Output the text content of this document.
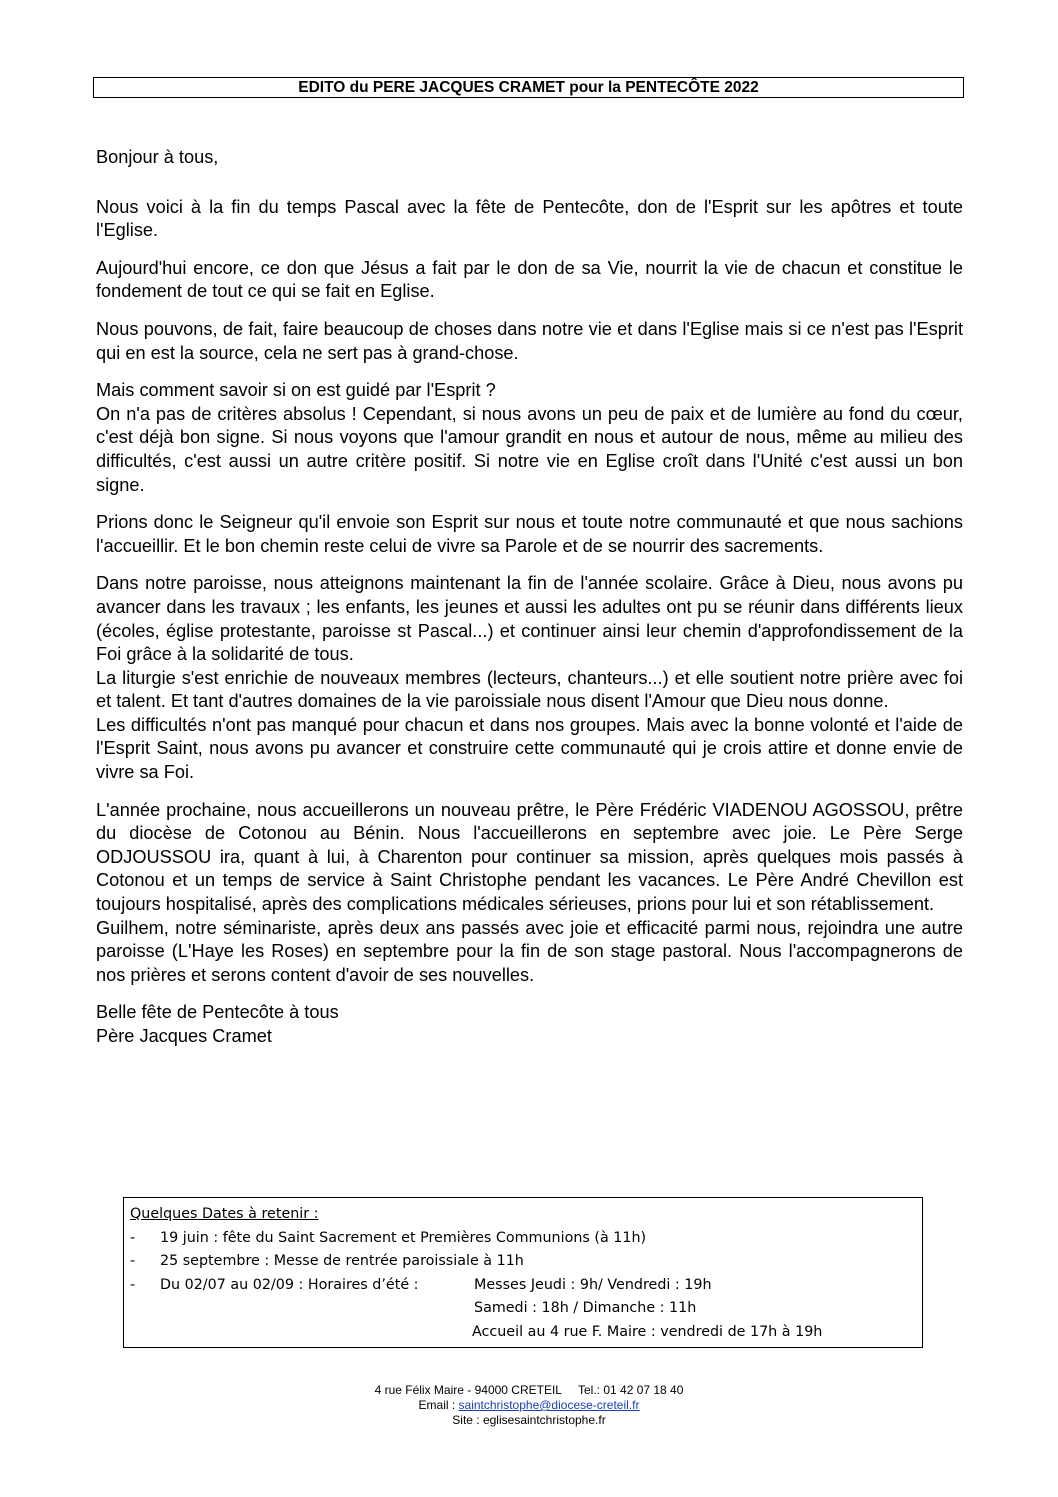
EDITO du PERE JACQUES CRAMET pour la PENTECÔTE 2022

Bonjour à tous,

Nous voici à la fin du temps Pascal avec la fête de Pentecôte, don de l'Esprit sur les apôtres et toute l'Eglise.

Aujourd'hui encore, ce don que Jésus a fait par le don de sa Vie, nourrit la vie de chacun et constitue le fondement de tout ce qui se fait en Eglise.

Nous pouvons, de fait, faire beaucoup de choses dans notre vie et dans l'Eglise mais si ce n'est pas l'Esprit qui en est la source, cela ne sert pas à grand-chose.

Mais comment savoir si on est guidé par l'Esprit ?

On n'a pas de critères absolus ! Cependant, si nous avons un peu de paix et de lumière au fond du cœur, c'est déjà bon signe. Si nous voyons que l'amour grandit en nous et autour de nous, même au milieu des difficultés, c'est aussi un autre critère positif. Si notre vie en Eglise croît dans l'Unité c'est aussi un bon signe.

Prions donc le Seigneur qu'il envoie son Esprit sur nous et toute notre communauté et que nous sachions l'accueillir. Et le bon chemin reste celui de vivre sa Parole et de se nourrir des sacrements.

Dans notre paroisse, nous atteignons maintenant la fin de l'année scolaire. Grâce à Dieu, nous avons pu avancer dans les travaux ; les enfants, les jeunes et aussi les adultes ont pu se réunir dans différents lieux (écoles, église protestante, paroisse st Pascal...) et continuer ainsi leur chemin d'approfondissement de la Foi grâce à la solidarité de tous.

La liturgie s'est enrichie de nouveaux membres (lecteurs, chanteurs...) et elle soutient notre prière avec foi et talent. Et tant d'autres domaines de la vie paroissiale nous disent l'Amour que Dieu nous donne.

Les difficultés n'ont pas manqué pour chacun et dans nos groupes. Mais avec la bonne volonté et l'aide de l'Esprit Saint, nous avons pu avancer et construire cette communauté qui je crois attire et donne envie de vivre sa Foi.

L'année prochaine, nous accueillerons un nouveau prêtre, le Père Frédéric VIADENOU AGOSSOU, prêtre du diocèse de Cotonou au Bénin. Nous l'accueillerons en septembre avec joie. Le Père Serge ODJOUSSOU ira, quant à lui, à Charenton pour continuer sa mission, après quelques mois passés à Cotonou et un temps de service à Saint Christophe pendant les vacances. Le Père André Chevillon est toujours hospitalisé, après des complications médicales sérieuses, prions pour lui et son rétablissement.

Guilhem, notre séminariste, après deux ans passés avec joie et efficacité parmi nous, rejoindra une autre paroisse (L'Haye les Roses) en septembre pour la fin de son stage pastoral. Nous l'accompagnerons de nos prières et serons content d'avoir de ses nouvelles.

Belle fête de Pentecôte à tous

Père Jacques Cramet

Quelques Dates à retenir :
-	19 juin : fête du Saint Sacrement et Premières Communions (à 11h)
-	25 septembre : Messe de rentrée paroissiale à 11h
-	Du 02/07 au 02/09 : Horaires d’été :	Messes Jeudi : 9h/ Vendredi : 19h
Samedi : 18h / Dimanche : 11h
Accueil au 4 rue F. Maire : vendredi de 17h à 19h
4 rue Félix Maire - 94000 CRETEIL     Tel.: 01 42 07 18 40
Email : saintchristophe@diocese-creteil.fr
Site : eglisesaintchristophe.fr
